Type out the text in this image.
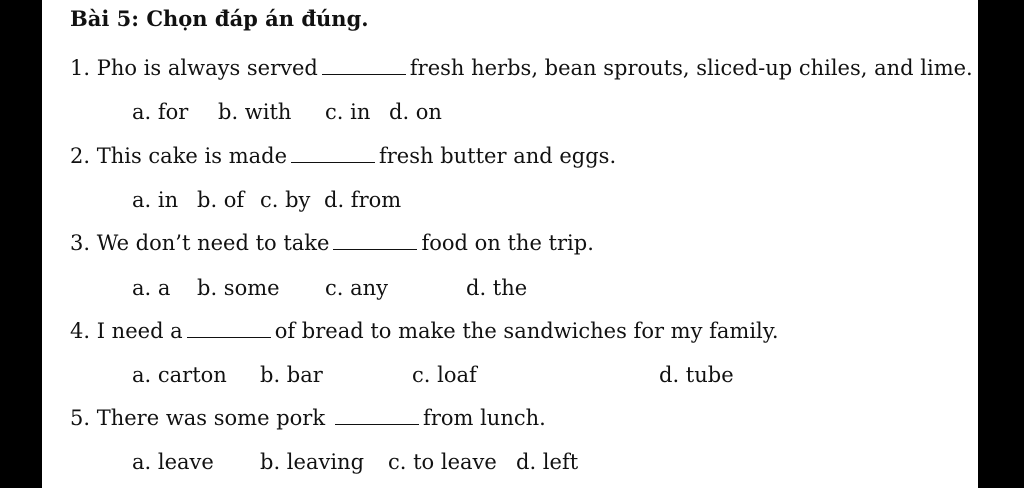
Bài 5: Chọn đáp án đúng.
1. Pho is always served	fresh herbs, bean sprouts, sliced-up chiles, and lime.
a. for b. with c. in d. on
2. This cake is made	fresh butter and eggs.
a. in b. of c. by d. from
3. We don’t need to take	food on the trip.
a. a b. some c. any	d. the
4. I need a	of bread to make the sandwiches for my family.
a. carton b. bar	c. loaf	d. tube
5. There was some pork	from lunch.
a. leave b. leaving c. to leave d. left
